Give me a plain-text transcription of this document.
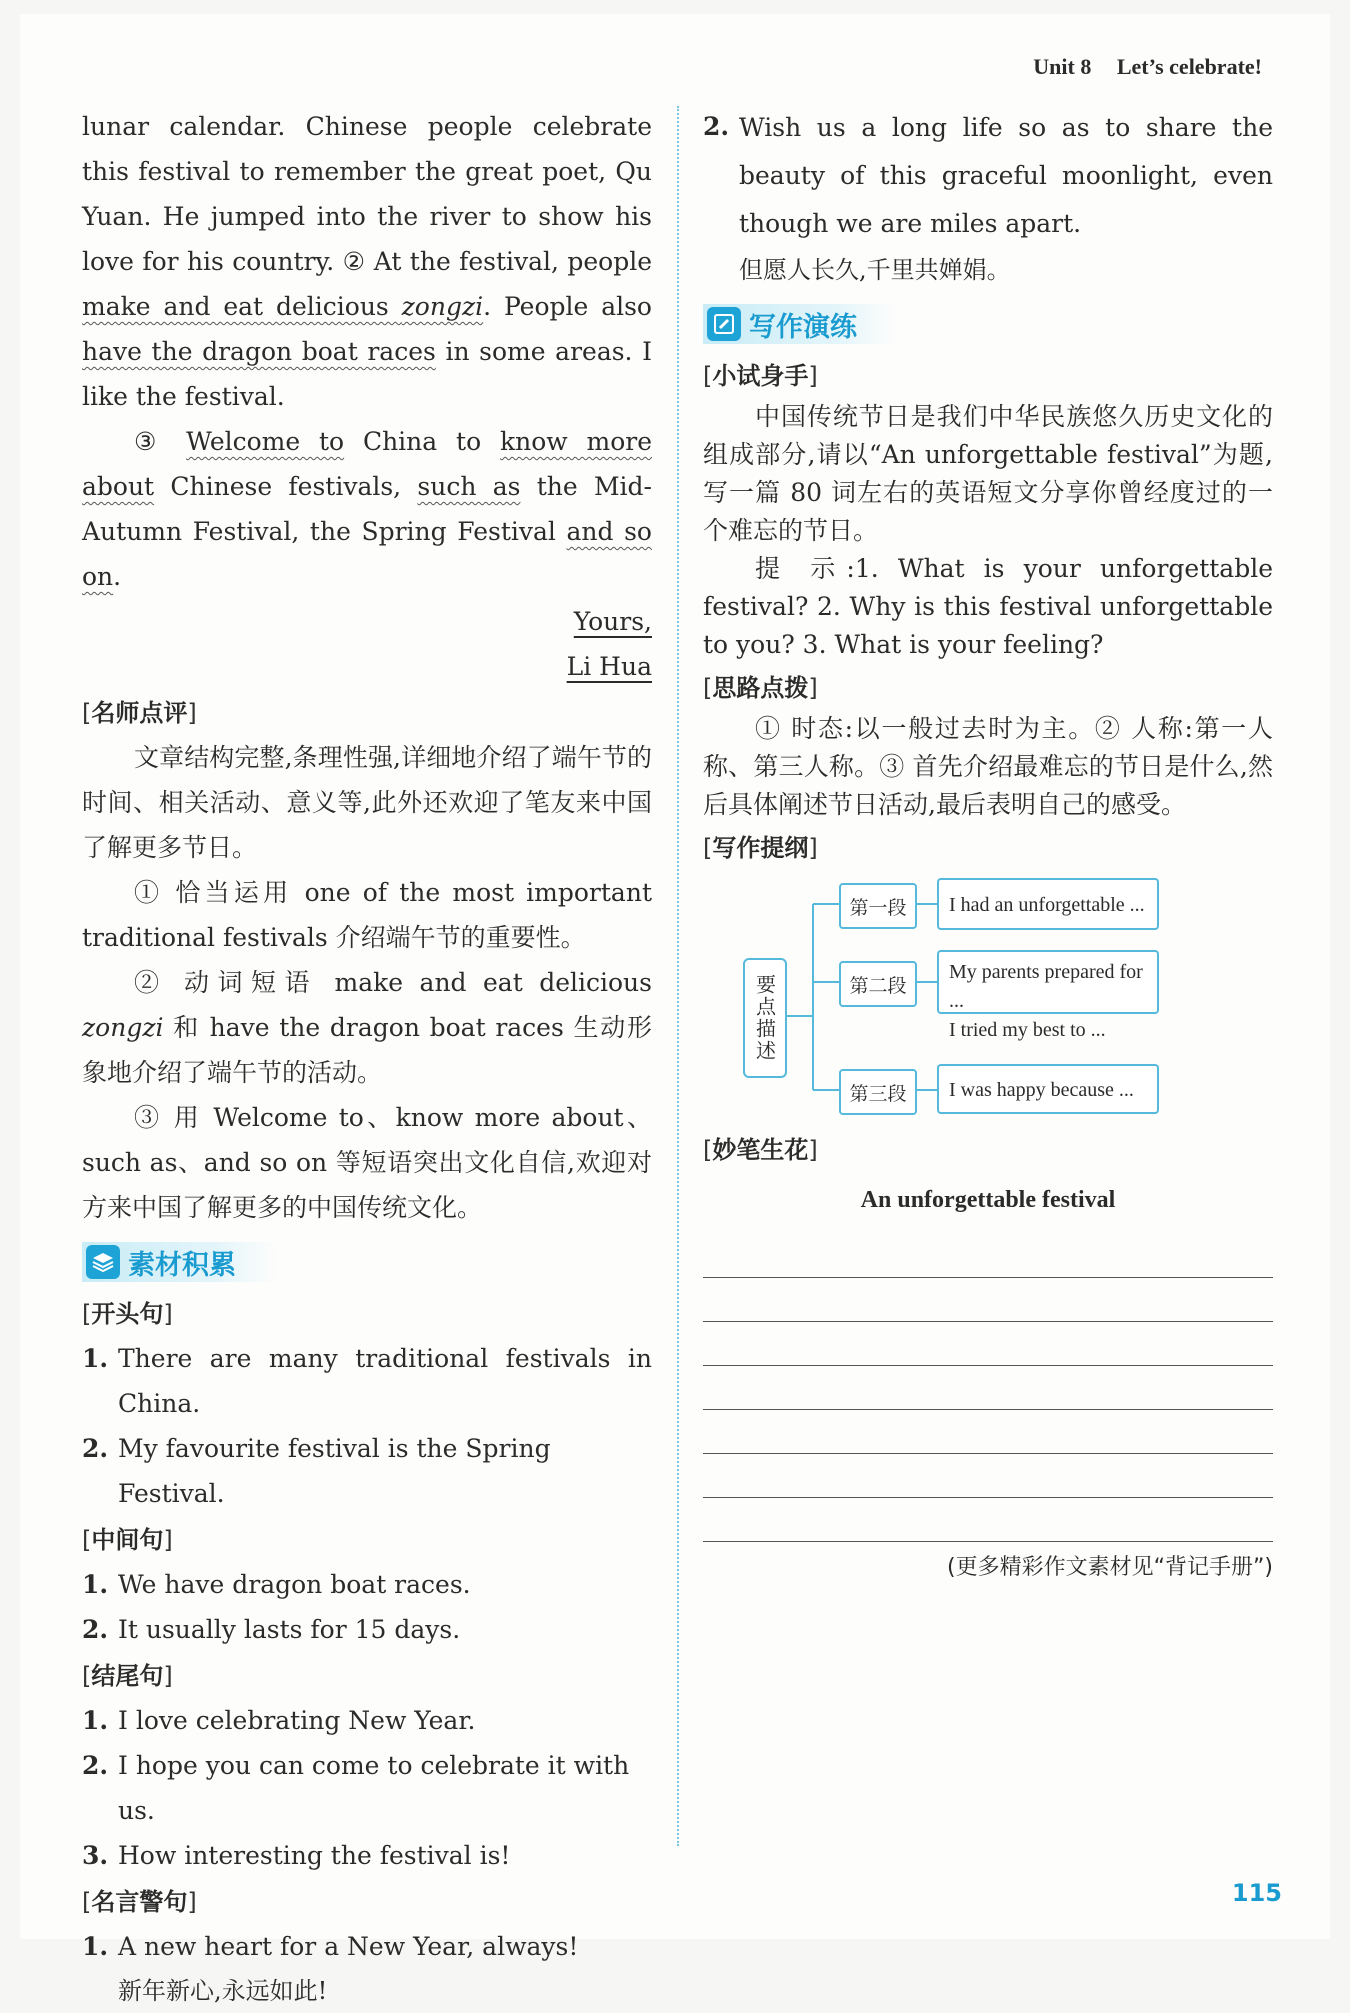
Unit 8 Let’s celebrate!

lunar calendar. Chinese people celebrate this festival to remember the great poet, Qu Yuan. He jumped into the river to show his love for his country. ② At the festival, people make and eat delicious zongzi. People also have the dragon boat races in some areas. I like the festival.

③ Welcome to China to know more about Chinese festivals, such as the Mid-Autumn Festival, the Spring Festival and so on.

Yours,

Li Hua

[名师点评]

文章结构完整,条理性强,详细地介绍了端午节的时间、相关活动、意义等,此外还欢迎了笔友来中国了解更多节日。

① 恰当运用 one of the most important traditional festivals 介绍端午节的重要性。

② 动词短语 make and eat delicious zongzi 和 have the dragon boat races 生动形象地介绍了端午节的活动。

③ 用 Welcome to、know more about、such as、and so on 等短语突出文化自信,欢迎对方来中国了解更多的中国传统文化。

素材积累
[开头句]
1. There are many traditional festivals in China.
2. My favourite festival is the Spring Festival.
[中间句]
1. We have dragon boat races.
2. It usually lasts for 15 days.
[结尾句]
1. I love celebrating New Year.
2. I hope you can come to celebrate it with us.
3. How interesting the festival is!
[名言警句]
1. A new heart for a New Year, always!
新年新心,永远如此!
2. Wish us a long life so as to share the beauty of this graceful moonlight, even though we are miles apart.
但愿人长久,千里共婵娟。
写作演练
[小试身手]

中国传统节日是我们中华民族悠久历史文化的组成部分,请以“An unforgettable festival”为题,写一篇 80 词左右的英语短文分享你曾经度过的一个难忘的节日。

提 示:1. What is your unforgettable festival? 2. Why is this festival unforgettable to you? 3. What is your feeling?

[思路点拨]

① 时态:以一般过去时为主。② 人称:第一人称、第三人称。③ 首先介绍最难忘的节日是什么,然后具体阐述节日活动,最后表明自己的感受。

[写作提纲]
要点描述
第一段	I had an unforgettable ...
第二段
My parents prepared for ...
I tried my best to ...
第三段	I was happy because ...
[妙笔生花]
An unforgettable festival
(更多精彩作文素材见“背记手册”)
115
